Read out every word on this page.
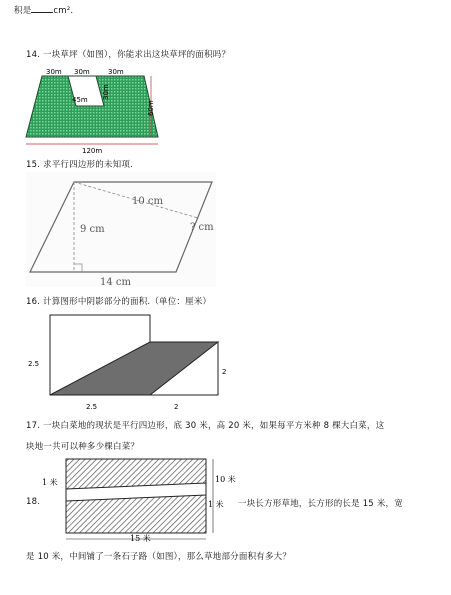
积是	cm².
14. 一块草坪（如图），你能求出这块草坪的面积吗？
30m 30m	30m
45m 30m
60m
120m
15. 求平行四边形的未知项.
10 cm
9 cm	? cm
14 cm
16. 计算图形中阴影部分的面积.（单位：厘米）
2.5
2
2.5	2
17. 一块白菜地的现状是平行四边形，底 30 米，高 20 米，如果每平方米种 8 棵大白菜，这
块地一共可以种多少棵白菜？
18.
1 米	10 米
1 米
15 米
一块长方形草地，长方形的长是 15 米，宽
是 10 米，中间铺了一条石子路（如图），那么草地部分面积有多大？
